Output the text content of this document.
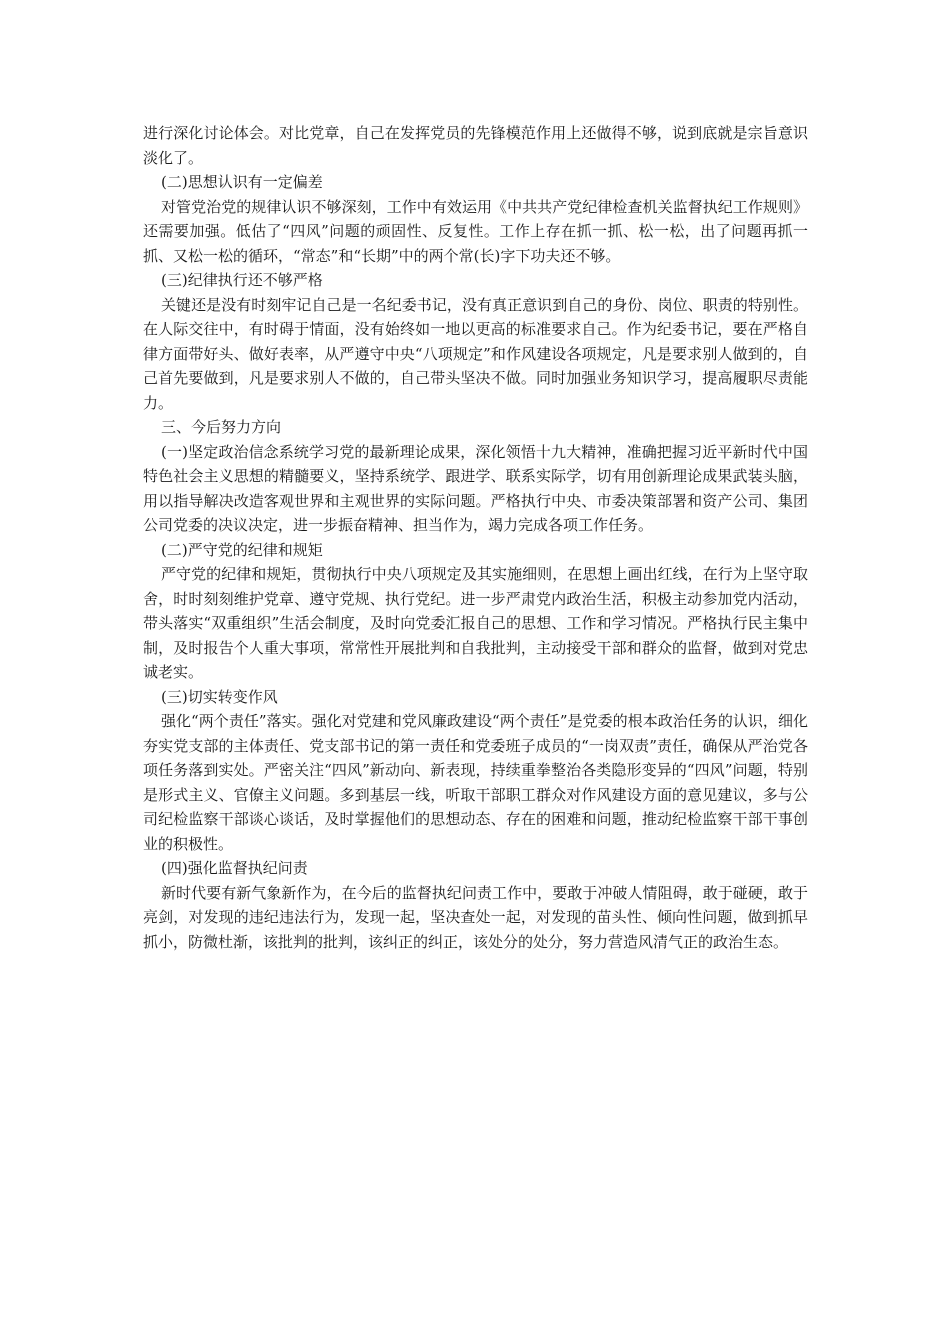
进行深化讨论体会。对比党章，自己在发挥党员的先锋模范作用上还做得不够，说到底就是宗旨意识淡化了。

(二)思想认识有一定偏差

对管党治党的规律认识不够深刻，工作中有效运用《中共共产党纪律检查机关监督执纪工作规则》还需要加强。低估了“四风”问题的顽固性、反复性。工作上存在抓一抓、松一松，出了问题再抓一抓、又松一松的循环，“常态”和“长期”中的两个常(长)字下功夫还不够。

(三)纪律执行还不够严格

关键还是没有时刻牢记自己是一名纪委书记，没有真正意识到自己的身份、岗位、职责的特别性。在人际交往中，有时碍于情面，没有始终如一地以更高的标准要求自己。作为纪委书记，要在严格自律方面带好头、做好表率，从严遵守中央“八项规定”和作风建设各项规定，凡是要求别人做到的，自己首先要做到，凡是要求别人不做的，自己带头坚决不做。同时加强业务知识学习，提高履职尽责能力。

三、今后努力方向

(一)坚定政治信念系统学习党的最新理论成果，深化领悟十九大精神，准确把握习近平新时代中国特色社会主义思想的精髓要义，坚持系统学、跟进学、联系实际学，切有用创新理论成果武装头脑，用以指导解决改造客观世界和主观世界的实际问题。严格执行中央、市委决策部署和资产公司、集团公司党委的决议决定，进一步振奋精神、担当作为，竭力完成各项工作任务。

(二)严守党的纪律和规矩

严守党的纪律和规矩，贯彻执行中央八项规定及其实施细则，在思想上画出红线，在行为上坚守取舍，时时刻刻维护党章、遵守党规、执行党纪。进一步严肃党内政治生活，积极主动参加党内活动，带头落实“双重组织”生活会制度，及时向党委汇报自己的思想、工作和学习情况。严格执行民主集中制，及时报告个人重大事项，常常性开展批判和自我批判，主动接受干部和群众的监督，做到对党忠诚老实。

(三)切实转变作风

强化“两个责任”落实。强化对党建和党风廉政建设“两个责任”是党委的根本政治任务的认识，细化夯实党支部的主体责任、党支部书记的第一责任和党委班子成员的“一岗双责”责任，确保从严治党各项任务落到实处。严密关注“四风”新动向、新表现，持续重拳整治各类隐形变异的“四风”问题，特别是形式主义、官僚主义问题。多到基层一线，听取干部职工群众对作风建设方面的意见建议，多与公司纪检监察干部谈心谈话，及时掌握他们的思想动态、存在的困难和问题，推动纪检监察干部干事创业的积极性。

(四)强化监督执纪问责

新时代要有新气象新作为，在今后的监督执纪问责工作中，要敢于冲破人情阻碍，敢于碰硬，敢于亮剑，对发现的违纪违法行为，发现一起，坚决查处一起，对发现的苗头性、倾向性问题，做到抓早抓小，防微杜渐，该批判的批判，该纠正的纠正，该处分的处分，努力营造风清气正的政治生态。
